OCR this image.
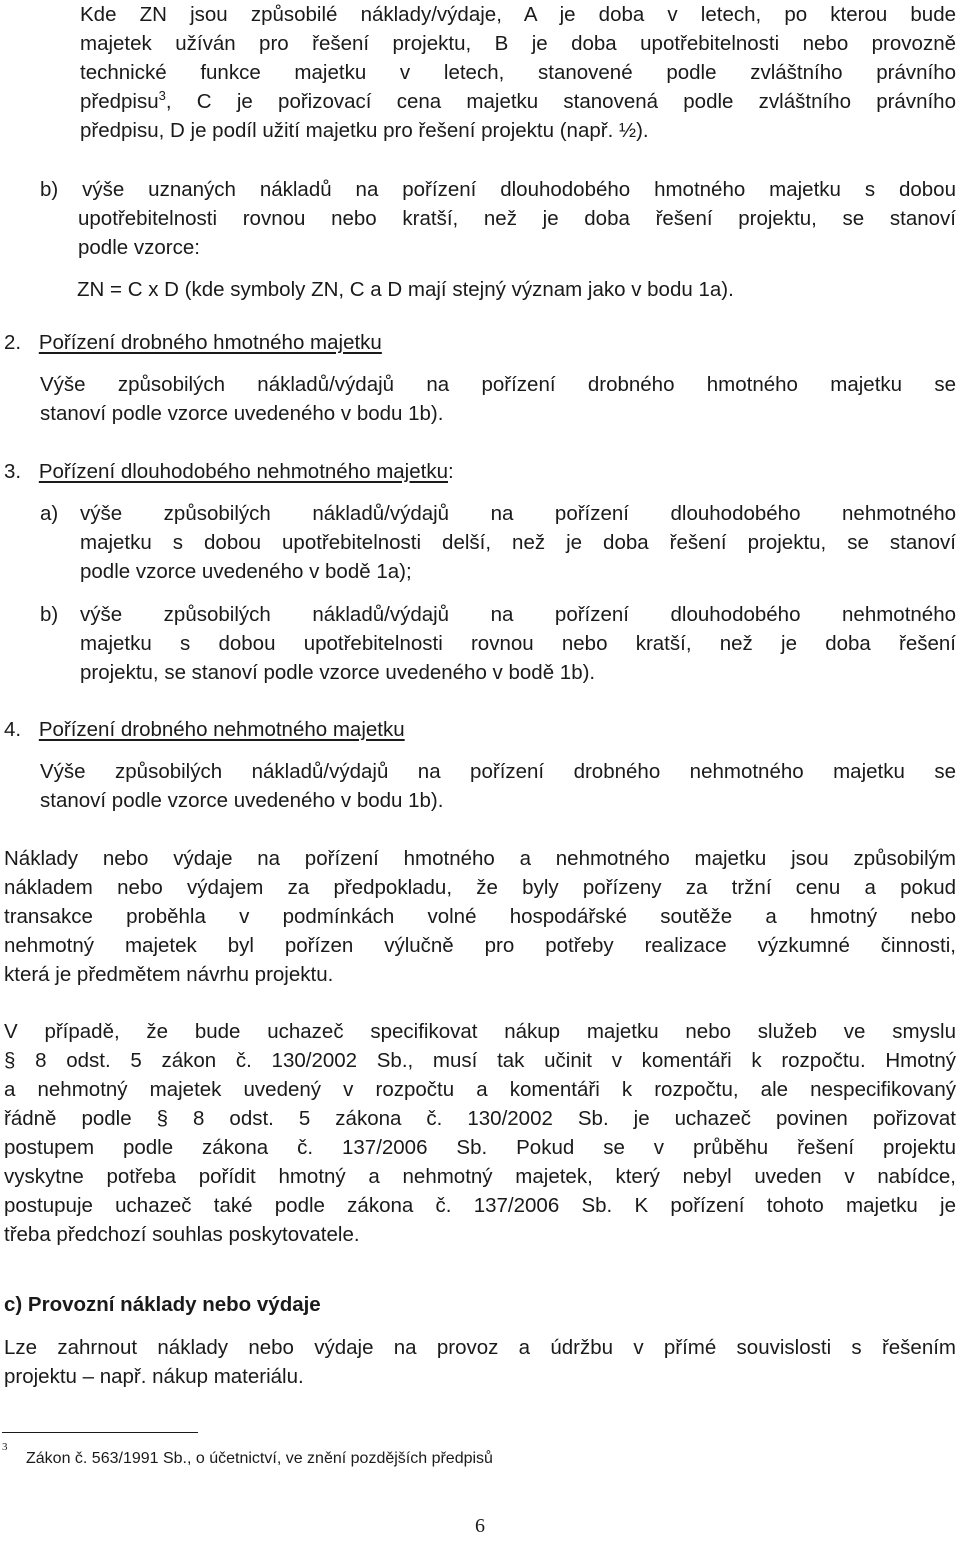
Kde ZN jsou způsobilé náklady/výdaje, A je doba v letech, po kterou bude
majetek užíván pro řešení projektu, B je doba upotřebitelnosti nebo provozně
technické funkce majetku v letech, stanovené podle zvláštního právního
předpisu$^3$, C je pořizovací cena majetku stanovená podle zvláštního právního
předpisu, D je podíl užití majetku pro řešení projektu (např. ½).
b) výše uznaných nákladů na pořízení dlouhodobého hmotného majetku s dobou
upotřebitelnosti rovnou nebo kratší, než je doba řešení projektu, se stanoví
podle vzorce:
ZN = C x D (kde symboly ZN, C a D mají stejný význam jako v bodu 1a).
2. Pořízení drobného hmotného majetku
Výše způsobilých nákladů/výdajů na pořízení drobného hmotného majetku se
stanoví podle vzorce uvedeného v bodu 1b).
3. Pořízení dlouhodobého nehmotného majetku:
a) výše způsobilých nákladů/výdajů na pořízení dlouhodobého nehmotného
majetku s dobou upotřebitelnosti delší, než je doba řešení projektu, se stanoví
podle vzorce uvedeného v bodě 1a);
b) výše způsobilých nákladů/výdajů na pořízení dlouhodobého nehmotného
majetku s dobou upotřebitelnosti rovnou nebo kratší, než je doba řešení
projektu, se stanoví podle vzorce uvedeného v bodě 1b).
4. Pořízení drobného nehmotného majetku
Výše způsobilých nákladů/výdajů na pořízení drobného nehmotného majetku se
stanoví podle vzorce uvedeného v bodu 1b).
Náklady nebo výdaje na pořízení hmotného a nehmotného majetku jsou způsobilým
nákladem nebo výdajem za předpokladu, že byly pořízeny za tržní cenu a pokud
transakce proběhla v podmínkách volné hospodářské soutěže a hmotný nebo
nehmotný majetek byl pořízen výlučně pro potřeby realizace výzkumné činnosti,
která je předmětem návrhu projektu.
V případě, že bude uchazeč specifikovat nákup majetku nebo služeb ve smyslu
§ 8 odst. 5 zákon č. 130/2002 Sb., musí tak učinit v komentáři k rozpočtu. Hmotný
a nehmotný majetek uvedený v rozpočtu a komentáři k rozpočtu, ale nespecifikovaný
řádně podle § 8 odst. 5 zákona č. 130/2002 Sb. je uchazeč povinen pořizovat
postupem podle zákona č. 137/2006 Sb. Pokud se v průběhu řešení projektu
vyskytne potřeba pořídit hmotný a nehmotný majetek, který nebyl uveden v nabídce,
postupuje uchazeč také podle zákona č. 137/2006 Sb. K pořízení tohoto majetku je
třeba předchozí souhlas poskytovatele.
c) Provozní náklady nebo výdaje
Lze zahrnout náklady nebo výdaje na provoz a údržbu v přímé souvislosti s řešením
projektu – např. nákup materiálu.
3
Zákon č. 563/1991 Sb., o účetnictví, ve znění pozdějších předpisů
6
